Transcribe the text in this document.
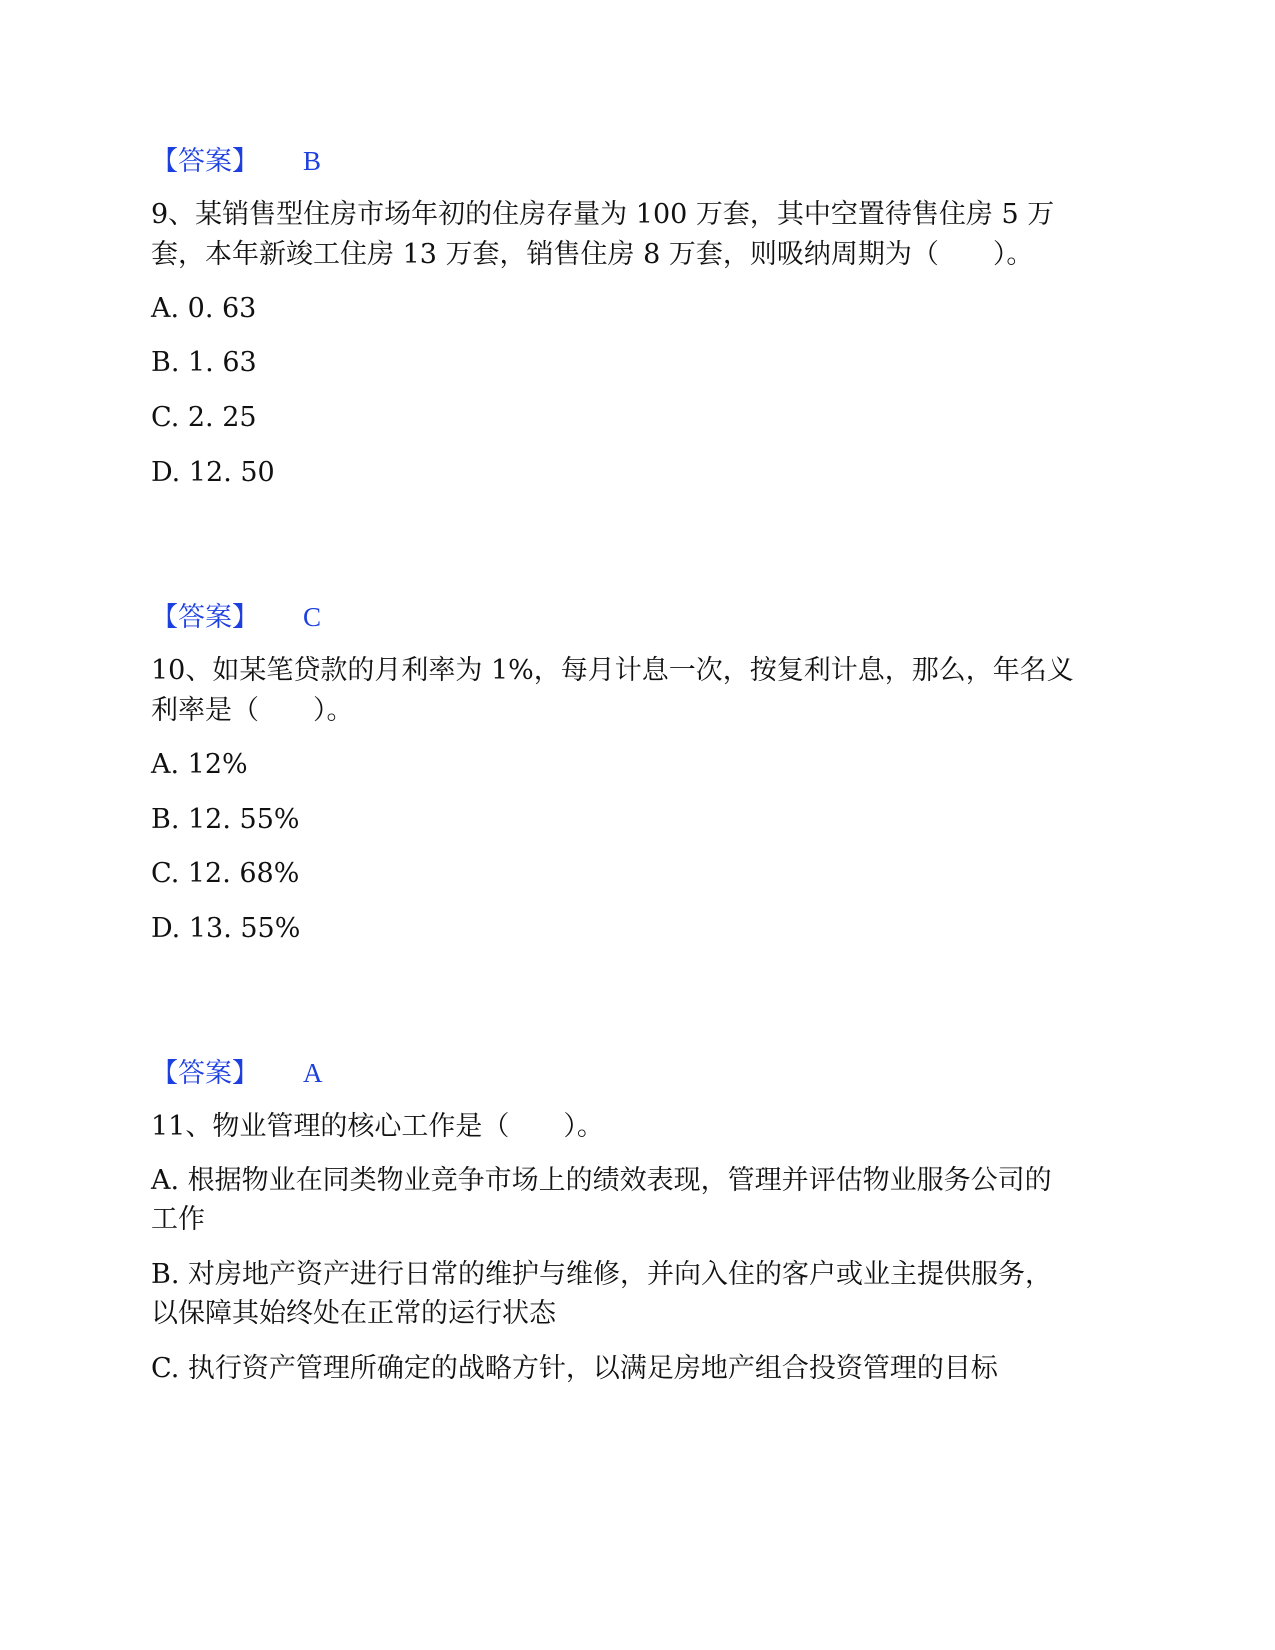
【答案】 B
9、某销售型住房市场年初的住房存量为 100 万套，其中空置待售住房 5 万
套，本年新竣工住房 13 万套，销售住房 8 万套，则吸纳周期为（　　）。
A. 0. 63
B. 1. 63
C. 2. 25
D. 12. 50
【答案】 C
10、如某笔贷款的月利率为 1%，每月计息一次，按复利计息，那么，年名义
利率是（　　）。
A. 12%
B. 12. 55%
C. 12. 68%
D. 13. 55%
【答案】 A
11、物业管理的核心工作是（　　）。
A. 根据物业在同类物业竞争市场上的绩效表现，管理并评估物业服务公司的
工作
B. 对房地产资产进行日常的维护与维修，并向入住的客户或业主提供服务，
以保障其始终处在正常的运行状态
C. 执行资产管理所确定的战略方针，以满足房地产组合投资管理的目标
